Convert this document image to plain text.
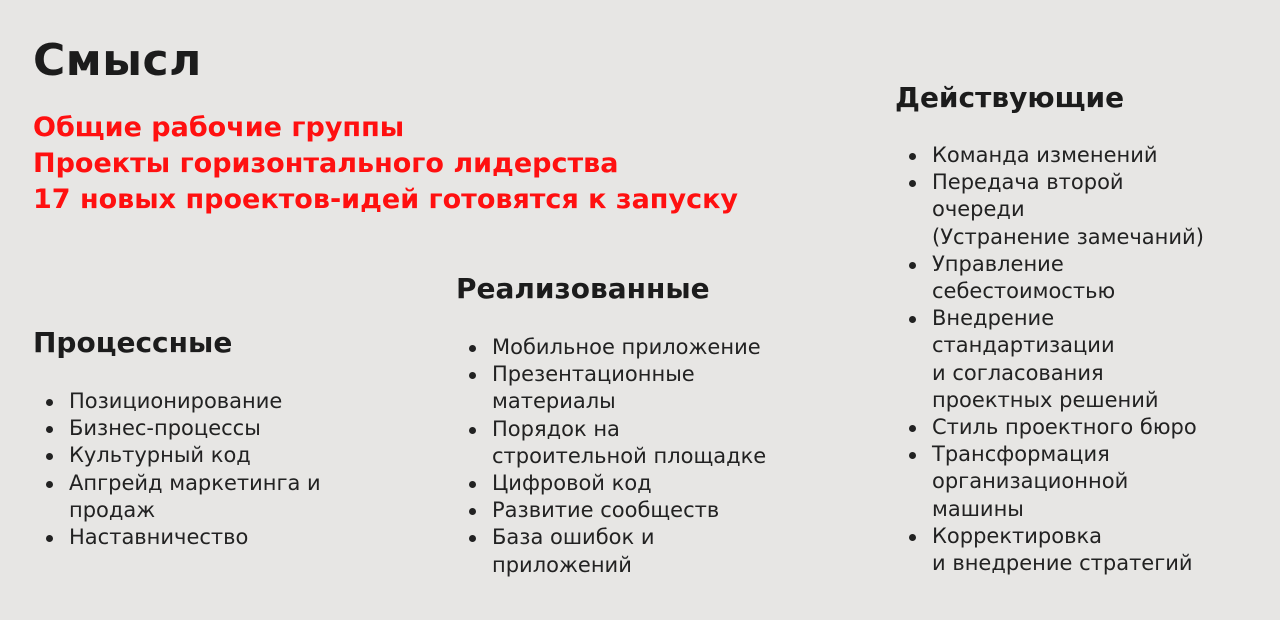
Смысл
Общие рабочие группы
Проекты горизонтального лидерства
17 новых проектов-идей готовятся к запуску
Процессные
Позиционирование
Бизнес-процессы
Культурный код
Апгрейд маркетинга и
продаж
Наставничество
Реализованные
Мобильное приложение
Презентационные
материалы
Порядок на
строительной площадке
Цифровой код
Развитие сообществ
База ошибок и
приложений
Действующие
Команда изменений
Передача второй
очереди
(Устранение замечаний)
Управление
себестоимостью
Внедрение
стандартизации
и согласования
проектных решений
Стиль проектного бюро
Трансформация
организационной
машины
Корректировка
и внедрение стратегий
